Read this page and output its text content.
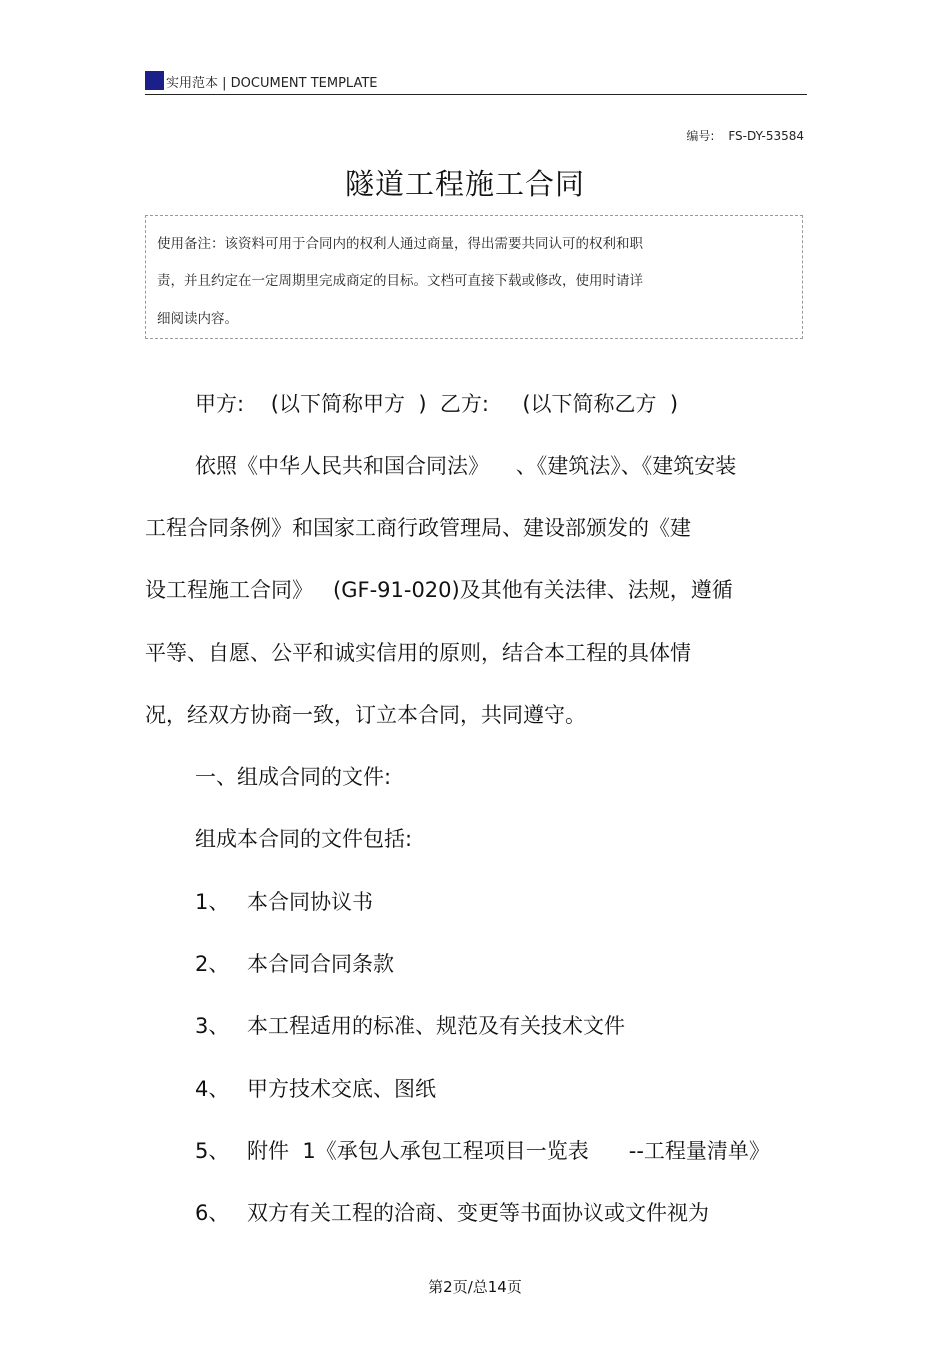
实用范本 | DOCUMENT TEMPLATE
编号: FS-DY-53584
隧道工程施工合同
使用备注：该资料可用于合同内的权利人通过商量，得出需要共同认可的权利和职
责，并且约定在一定周期里完成商定的目标。文档可直接下载或修改，使用时请详
细阅读内容。
甲方:    (以下简称甲方  )  乙方:     (以下简称乙方  )
依照《中华人民共和国合同法》    、《建筑法》、《建筑安装
工程合同条例》和国家工商行政管理局、建设部颁发的《建
设工程施工合同》   (GF-91-020)及其他有关法律、法规，遵循
平等、自愿、公平和诚实信用的原则，结合本工程的具体情
况，经双方协商一致，订立本合同，共同遵守。
一、组成合同的文件:
组成本合同的文件包括:
1、 本合同协议书
2、 本合同合同条款
3、 本工程适用的标准、规范及有关技术文件
4、 甲方技术交底、图纸
5、 附件  1《承包人承包工程项目一览表      --工程量清单》
6、 双方有关工程的洽商、变更等书面协议或文件视为
第2页/总14页
